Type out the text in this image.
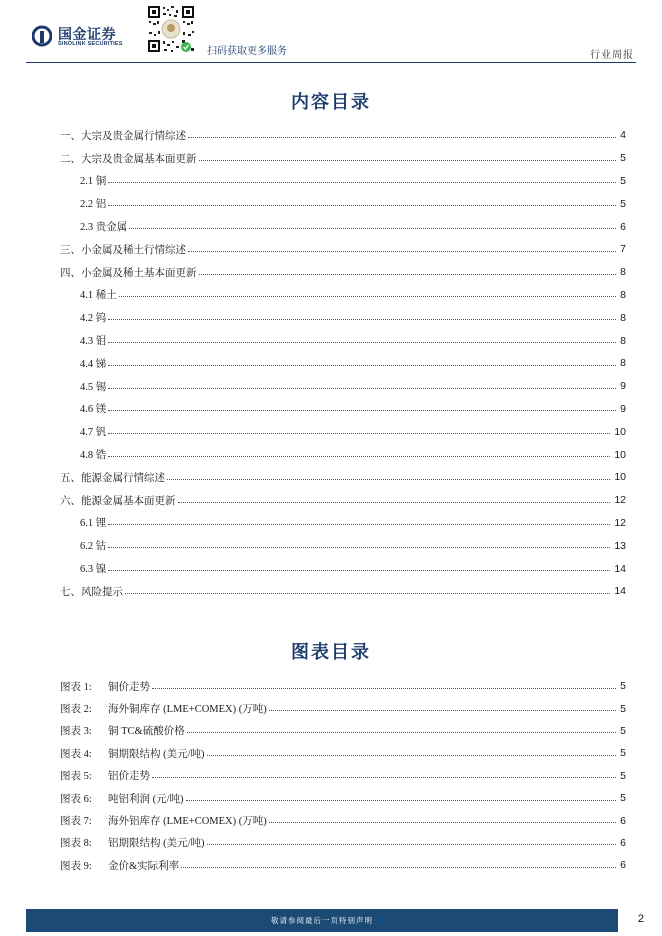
国金证券
SINOLINK SECURITIES
扫码获取更多服务	行业周报
内容目录
一、大宗及贵金属行情综述	4
二、大宗及贵金属基本面更新	5
2.1 铜	5
2.2 铝	5
2.3 贵金属	6
三、小金属及稀土行情综述	7
四、小金属及稀土基本面更新	8
4.1 稀土	8
4.2 钨	8
4.3 钼	8
4.4 锑	8
4.5 锡	9
4.6 镁	9
4.7 钒	10
4.8 锆	10
五、能源金属行情综述	10
六、能源金属基本面更新	12
6.1 锂	12
6.2 钴	13
6.3 镍	14
七、风险提示	14
图表目录
图表 1:	铜价走势	5
图表 2:	海外铜库存 (LME+COMEX) (万吨)	5
图表 3:	铜 TC&硫酸价格	5
图表 4:	铜期限结构 (美元/吨)	5
图表 5:	铝价走势	5
图表 6:	吨铝利润 (元/吨)	5
图表 7:	海外铝库存 (LME+COMEX) (万吨)	6
图表 8:	铝期限结构 (美元/吨)	6
图表 9:	金价&实际利率	6
敬请参阅最后一页特别声明	2
